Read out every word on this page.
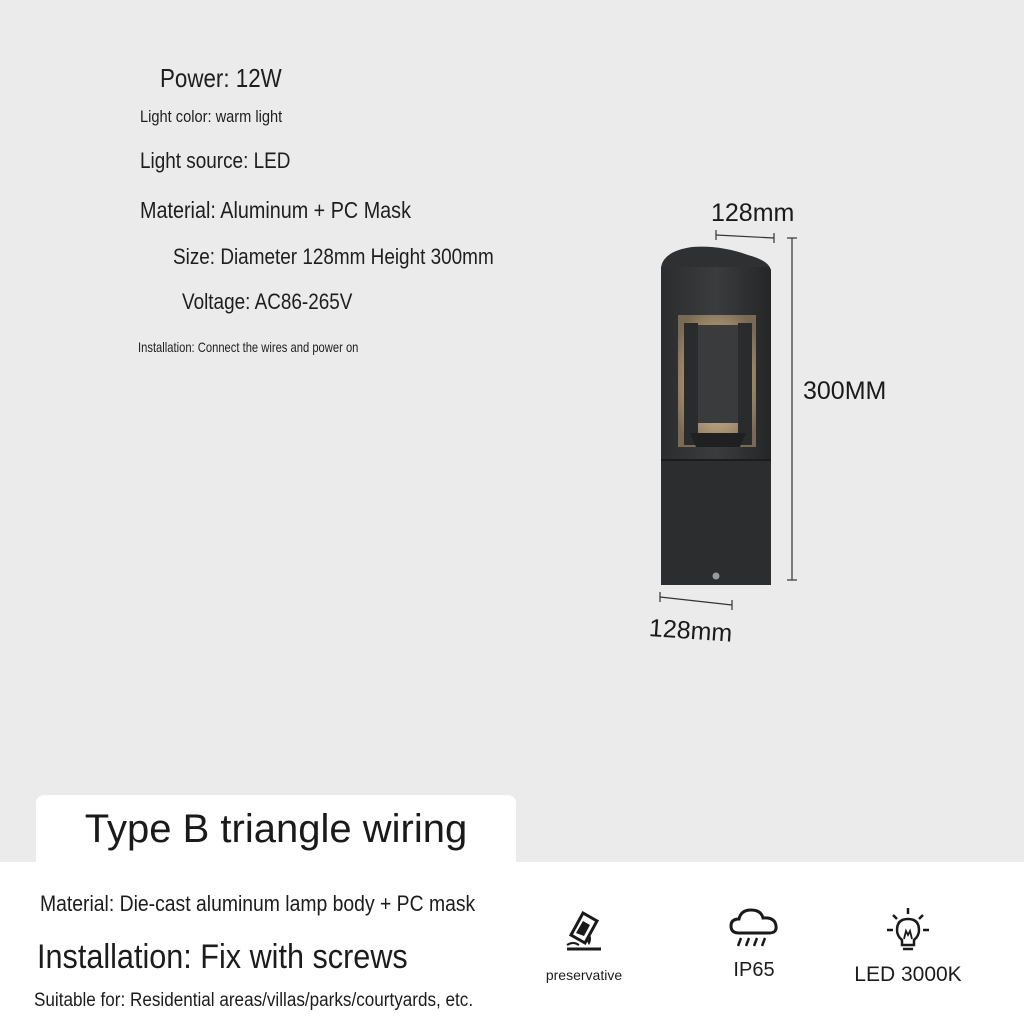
Power: 12W
Light color: warm light
Light source: LED
Material: Aluminum + PC Mask
Size: Diameter 128mm Height 300mm
Voltage: AC86-265V
Installation: Connect the wires and power on
128mm
300MM
128mm
Type B triangle wiring
Material: Die-cast aluminum lamp body + PC mask
Installation: Fix with screws
Suitable for: Residential areas/villas/parks/courtyards, etc.
preservative	IP65	LED 3000K
